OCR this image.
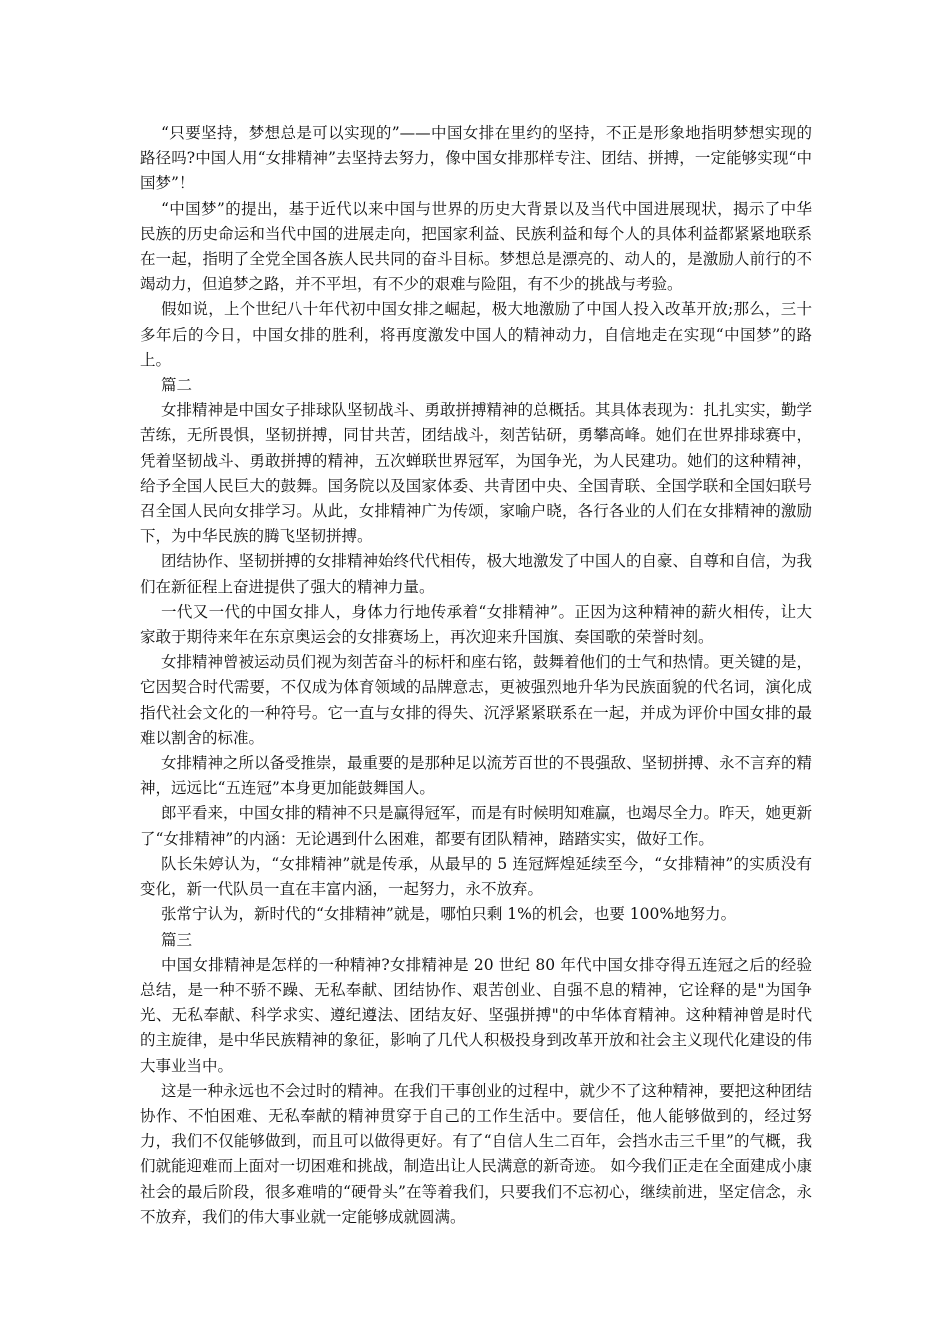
“只要坚持，梦想总是可以实现的”——中国女排在里约的坚持，不正是形象地指明梦想实现的路径吗?中国人用“女排精神”去坚持去努力，像中国女排那样专注、团结、拼搏，一定能够实现“中国梦”！

“中国梦”的提出，基于近代以来中国与世界的历史大背景以及当代中国进展现状，揭示了中华民族的历史命运和当代中国的进展走向，把国家利益、民族利益和每个人的具体利益都紧紧地联系在一起，指明了全党全国各族人民共同的奋斗目标。梦想总是漂亮的、动人的，是激励人前行的不竭动力，但追梦之路，并不平坦，有不少的艰难与险阻，有不少的挑战与考验。

假如说，上个世纪八十年代初中国女排之崛起，极大地激励了中国人投入改革开放;那么，三十多年后的今日，中国女排的胜利，将再度激发中国人的精神动力，自信地走在实现“中国梦”的路上。

篇二

女排精神是中国女子排球队坚韧战斗、勇敢拼搏精神的总概括。其具体表现为：扎扎实实，勤学苦练，无所畏惧，坚韧拼搏，同甘共苦，团结战斗，刻苦钻研，勇攀高峰。她们在世界排球赛中，凭着坚韧战斗、勇敢拼搏的精神，五次蝉联世界冠军，为国争光，为人民建功。她们的这种精神，给予全国人民巨大的鼓舞。国务院以及国家体委、共青团中央、全国青联、全国学联和全国妇联号召全国人民向女排学习。从此，女排精神广为传颂，家喻户晓，各行各业的人们在女排精神的激励下，为中华民族的腾飞坚韧拼搏。

团结协作、坚韧拼搏的女排精神始终代代相传，极大地激发了中国人的自豪、自尊和自信，为我们在新征程上奋进提供了强大的精神力量。

一代又一代的中国女排人，身体力行地传承着“女排精神”。正因为这种精神的薪火相传，让大家敢于期待来年在东京奥运会的女排赛场上，再次迎来升国旗、奏国歌的荣誉时刻。

女排精神曾被运动员们视为刻苦奋斗的标杆和座右铭，鼓舞着他们的士气和热情。更关键的是，它因契合时代需要，不仅成为体育领域的品牌意志，更被强烈地升华为民族面貌的代名词，演化成指代社会文化的一种符号。它一直与女排的得失、沉浮紧紧联系在一起，并成为评价中国女排的最难以割舍的标准。

女排精神之所以备受推崇，最重要的是那种足以流芳百世的不畏强敌、坚韧拼搏、永不言弃的精神，远远比“五连冠”本身更加能鼓舞国人。

郎平看来，中国女排的精神不只是赢得冠军，而是有时候明知难赢，也竭尽全力。昨天，她更新了“女排精神”的内涵：无论遇到什么困难，都要有团队精神，踏踏实实，做好工作。

队长朱婷认为，“女排精神”就是传承，从最早的 5 连冠辉煌延续至今，“女排精神”的实质没有变化，新一代队员一直在丰富内涵，一起努力，永不放弃。

张常宁认为，新时代的“女排精神”就是，哪怕只剩 1%的机会，也要 100%地努力。

篇三

中国女排精神是怎样的一种精神?女排精神是 20 世纪 80 年代中国女排夺得五连冠之后的经验总结，是一种不骄不躁、无私奉献、团结协作、艰苦创业、自强不息的精神，它诠释的是"为国争光、无私奉献、科学求实、遵纪遵法、团结友好、坚强拼搏"的中华体育精神。这种精神曾是时代的主旋律，是中华民族精神的象征，影响了几代人积极投身到改革开放和社会主义现代化建设的伟大事业当中。

这是一种永远也不会过时的精神。在我们干事创业的过程中，就少不了这种精神，要把这种团结协作、不怕困难、无私奉献的精神贯穿于自己的工作生活中。要信任，他人能够做到的，经过努力，我们不仅能够做到，而且可以做得更好。有了“自信人生二百年，会挡水击三千里”的气概，我们就能迎难而上面对一切困难和挑战，制造出让人民满意的新奇迹。 如今我们正走在全面建成小康社会的最后阶段，很多难啃的“硬骨头”在等着我们，只要我们不忘初心，继续前进，坚定信念，永不放弃，我们的伟大事业就一定能够成就圆满。
